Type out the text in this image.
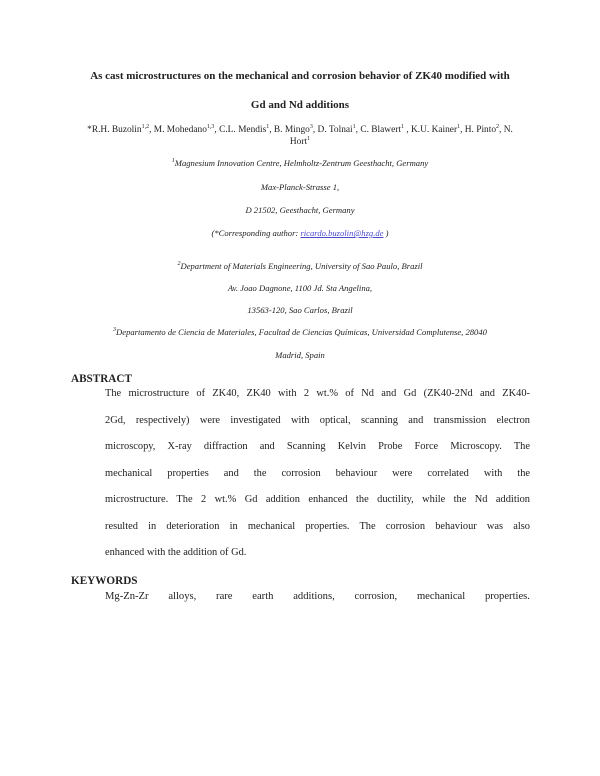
As cast microstructures on the mechanical and corrosion behavior of ZK40 modified with
Gd and Nd additions
*R.H. Buzolin$^{1,2}$, M. Mohedano$^{1,3}$, C.L. Mendis$^1$, B. Mingo$^3$, D. Tolnai$^1$, C. Blawert$^1$ , K.U. Kainer$^1$, H. Pinto$^2$, N.
Hort$^1$
$^1$Magnesium Innovation Centre, Helmholtz-Zentrum Geesthacht, Germany
Max-Planck-Strasse 1,
D 21502, Geesthacht, Germany
(*Corresponding author: ricardo.buzolin@hzg.de )
$^2$Department of Materials Engineering, University of Sao Paulo, Brazil
Av. Joao Dagnone, 1100 Jd. Sta Angelina,
13563-120, Sao Carlos, Brazil
$^3$Departamento de Ciencia de Materiales, Facultad de Ciencias Químicas, Universidad Complutense, 28040
Madrid, Spain
ABSTRACT

The microstructure of ZK40, ZK40 with 2 wt.% of Nd and Gd (ZK40-2Nd and ZK40-

2Gd, respectively) were investigated with optical, scanning and transmission electron

microscopy, X-ray diffraction and Scanning Kelvin Probe Force Microscopy. The

mechanical properties and the corrosion behaviour were correlated with the

microstructure. The 2 wt.% Gd addition enhanced the ductility, while the Nd addition

resulted in deterioration in mechanical properties. The corrosion behaviour was also

enhanced with the addition of Gd.

KEYWORDS
Mg-Zn-Zr alloys, rare earth additions, corrosion, mechanical properties.
